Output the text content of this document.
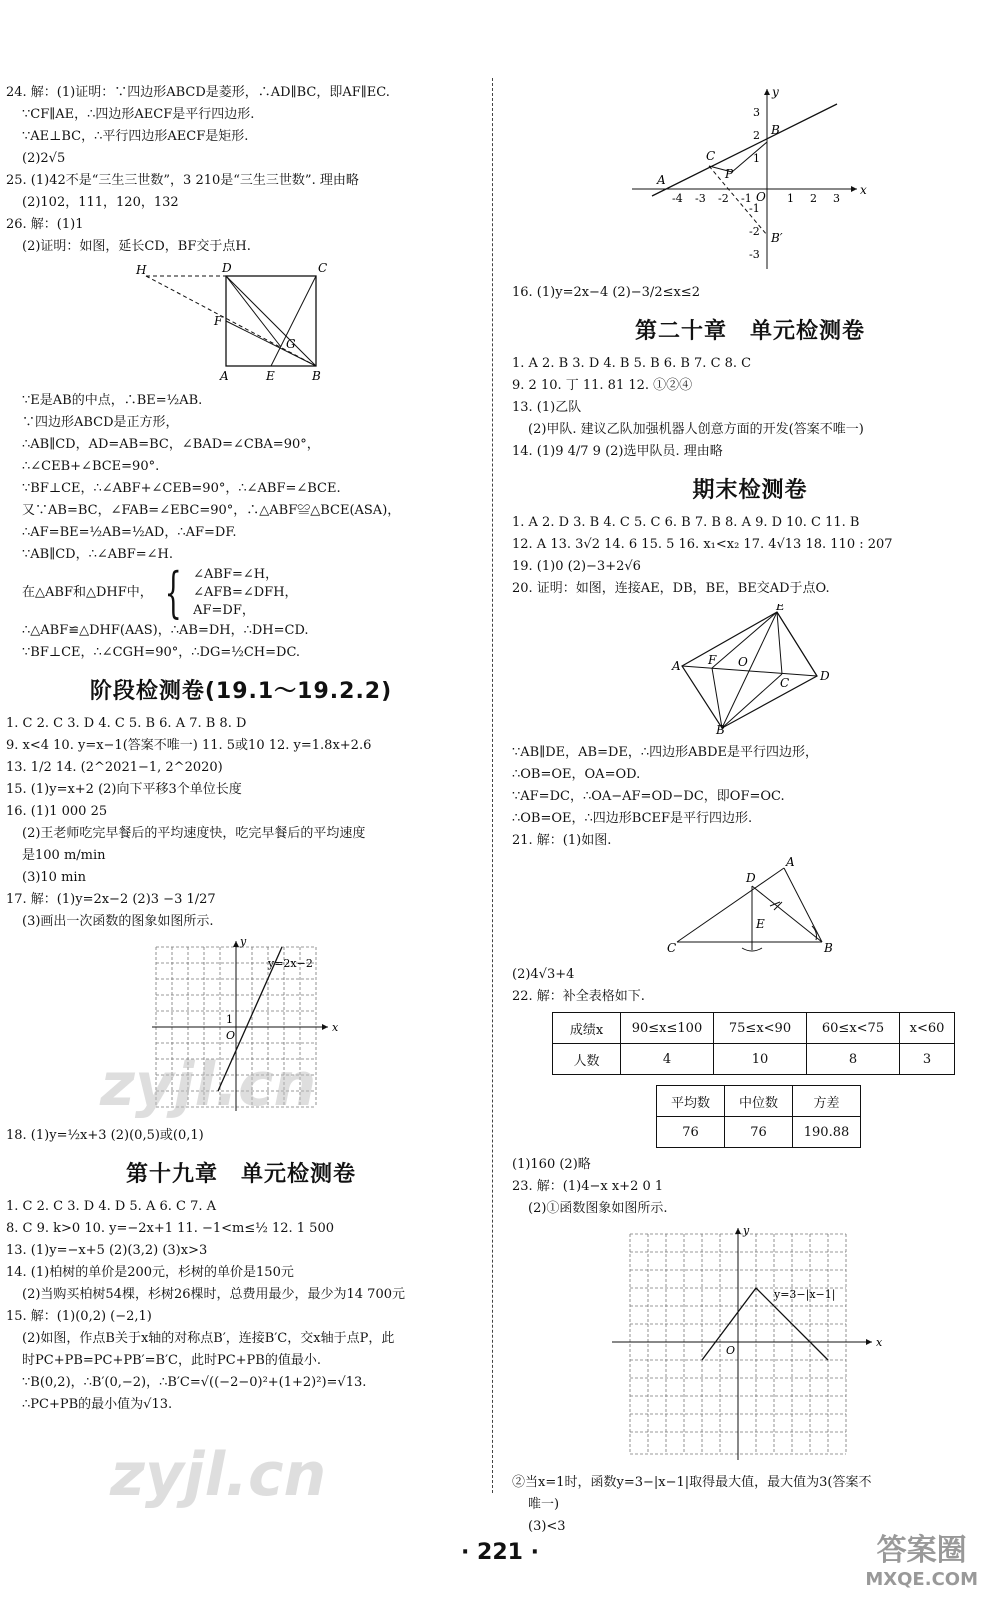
24. 解：(1)证明：∵四边形ABCD是菱形，∴AD∥BC，即AF∥EC.
∵CF∥AE，∴四边形AECF是平行四边形.
∵AE⊥BC，∴平行四边形AECF是矩形.
(2)2√5
25. (1)42不是“三生三世数”，3 210是“三生三世数”. 理由略
(2)102，111，120，132
26. 解：(1)1
(2)证明：如图，延长CD，BF交于点H.
H	D	C
F
G
A	E	B
∵E是AB的中点，∴BE=½AB.
∵四边形ABCD是正方形，
∴AB∥CD，AD=AB=BC，∠BAD=∠CBA=90°，
∴∠CEB+∠BCE=90°.
∵BF⊥CE，∴∠ABF+∠CEB=90°，∴∠ABF=∠BCE.
又∵AB=BC，∠FAB=∠EBC=90°，∴△ABF≌△BCE(ASA)，
∴AF=BE=½AB=½AD，∴AF=DF.
∵AB∥CD，∴∠ABF=∠H.
在△ABF和△DHF中， { ∠ABF=∠H，
∠AFB=∠DFH，
AF=DF，
∴△ABF≌△DHF(AAS)，∴AB=DH，∴DH=CD.
∵BF⊥CE，∴∠CGH=90°，∴DG=½CH=DC.
阶段检测卷(19.1～19.2.2)
1. C 2. C 3. D 4. C 5. B 6. A 7. B 8. D
9. x<4 10. y=x−1(答案不唯一) 11. 5或10 12. y=1.8x+2.6
13. 1/2 14. (2^2021−1, 2^2020)
15. (1)y=x+2 (2)向下平移3个单位长度
16. (1)1 000 25
(2)王老师吃完早餐后的平均速度快，吃完早餐后的平均速度
是100 m/min
(3)10 min
17. 解：(1)y=2x−2 (2)3 −3 1/27
(3)画出一次函数的图象如图所示.
x
y
O
1
y=2x−2
18. (1)y=½x+3 (2)(0,5)或(0,1)
第十九章　单元检测卷
1. C 2. C 3. D 4. D 5. A 6. C 7. A
8. C 9. k>0 10. y=−2x+1 11. −1<m≤½ 12. 1 500
13. (1)y=−x+5 (2)(3,2) (3)x>3
14. (1)柏树的单价是200元，杉树的单价是150元
(2)当购买柏树54棵，杉树26棵时，总费用最少，最少为14 700元
15. 解：(1)(0,2) (−2,1)
(2)如图，作点B关于x轴的对称点B′，连接B′C，交x轴于点P，此
时PC+PB=PC+PB′=B′C，此时PC+PB的值最小.
∵B(0,2)，∴B′(0,−2)，∴B′C=√((−2−0)²+(1+2)²)=√13.
∴PC+PB的最小值为√13.
-4 -3 -2 -1	1 2 3
3
2
1
-1
-2
-3
A
B
C
P
O
B′
x
y
16. (1)y=2x−4 (2)−3/2≤x≤2
第二十章　单元检测卷
1. A 2. B 3. D 4. B 5. B 6. B 7. C 8. C
9. 2 10. 丁 11. 81 12. ①②④
13. (1)乙队
(2)甲队. 建议乙队加强机器人创意方面的开发(答案不唯一)
14. (1)9 4/7 9 (2)选甲队员. 理由略
期末检测卷
1. A 2. D 3. B 4. C 5. C 6. B 7. B 8. A 9. D 10. C 11. B
12. A 13. 3√2 14. 6 15. 5 16. x₁<x₂ 17. 4√13 18. 110 : 207
19. (1)0 (2)−3+2√6
20. 证明：如图，连接AE，DB，BE，BE交AD于点O.
E
A F O
C	D
B
∵AB∥DE，AB=DE，∴四边形ABDE是平行四边形，
∴OB=OE，OA=OD.
∵AF=DC，∴OA−AF=OD−DC，即OF=OC.
∴OB=OE，∴四边形BCEF是平行四边形.
21. 解：(1)如图.
A
D
E
C	B
(2)4√3+4
22. 解：补全表格如下.
成绩x	90≤x≤100	75≤x<90	60≤x<75	x<60
人数	4	10	8	3
平均数	中位数	方差
76	76	190.88
(1)160 (2)略
23. 解：(1)4−x x+2 0 1
(2)①函数图象如图所示.
x
y
O
y=3−|x−1|
②当x=1时，函数y=3−|x−1|取得最大值，最大值为3(答案不
唯一)
(3)<3
· 221 ·
zyjl.cn
zyjl.cn
答案圈
MXQE.COM
